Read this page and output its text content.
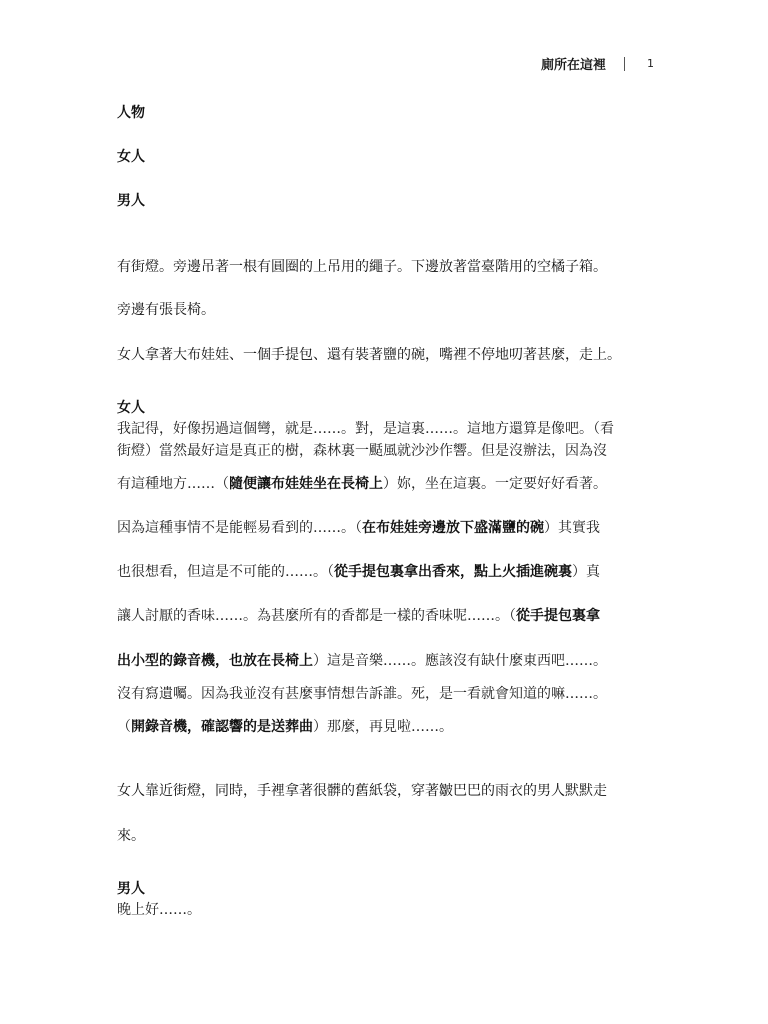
廁所在這裡	1
人物
女人
男人
有街燈。旁邊吊著一根有圓圈的上吊用的繩子。下邊放著當臺階用的空橘子箱。
旁邊有張長椅。
女人拿著大布娃娃、一個手提包、還有裝著鹽的碗，嘴裡不停地叨著甚麼，走上。
女人
我記得，好像拐過這個彎，就是……。對，是這裏……。這地方還算是像吧。（看
街燈）當然最好這是真正的樹，森林裏一颳風就沙沙作響。但是沒辦法，因為沒
有這種地方……（隨便讓布娃娃坐在長椅上）妳，坐在這裏。一定要好好看著。
因為這種事情不是能輕易看到的……。（在布娃娃旁邊放下盛滿鹽的碗）其實我
也很想看，但這是不可能的……。（從手提包裏拿出香來，點上火插進碗裏）真
讓人討厭的香味……。為甚麼所有的香都是一樣的香味呢……。（從手提包裏拿
出小型的錄音機，也放在長椅上）這是音樂……。應該沒有缺什麼東西吧……。
沒有寫遺囑。因為我並沒有甚麼事情想告訴誰。死，是一看就會知道的嘛……。
（開錄音機，確認響的是送葬曲）那麼，再見啦……。
女人靠近街燈，同時，手裡拿著很髒的舊紙袋，穿著皺巴巴的雨衣的男人默默走
來。
男人
晚上好……。
